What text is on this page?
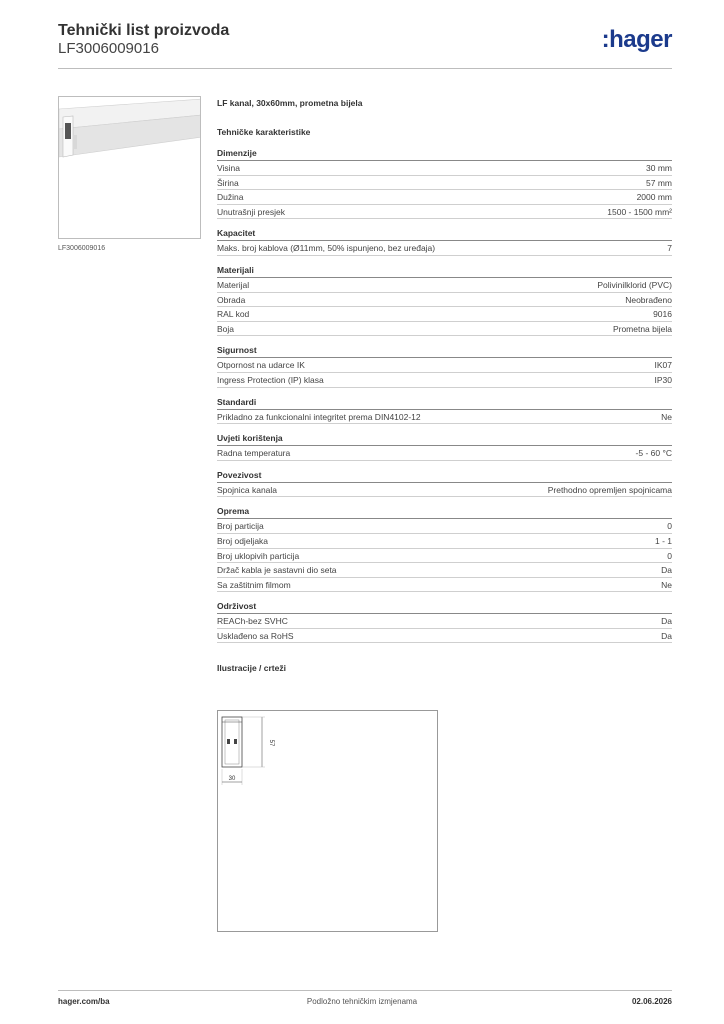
Tehnički list proizvoda
LF3006009016	:hager
LF3006009016
LF kanal, 30x60mm, prometna bijela
Tehničke karakteristike
Dimenzije
Visina	30 mm
Širina	57 mm
Dužina	2000 mm
Unutrašnji presjek	1500 - 1500 mm²
Kapacitet
Maks. broj kablova (Ø11mm, 50% ispunjeno, bez uređaja)	7
Materijali
Materijal	Polivinilklorid (PVC)
Obrada	Neobrađeno
RAL kod	9016
Boja	Prometna bijela
Sigurnost
Otpornost na udarce IK	IK07
Ingress Protection (IP) klasa	IP30
Standardi
Prikladno za funkcionalni integritet prema DIN4102-12	Ne
Uvjeti korištenja
Radna temperatura	-5 - 60 °C
Povezivost
Spojnica kanala	Prethodno opremljen spojnicama
Oprema
Broj particija	0
Broj odjeljaka	1 - 1
Broj uklopivih particija	0
Držač kabla je sastavni dio seta	Da
Sa zaštitnim filmom	Ne
Održivost
REACh-bez SVHC	Da
Usklađeno sa RoHS	Da
Ilustracije / crteži
57
30
hager.com/ba	Podložno tehničkim izmjenama	02.06.2026
